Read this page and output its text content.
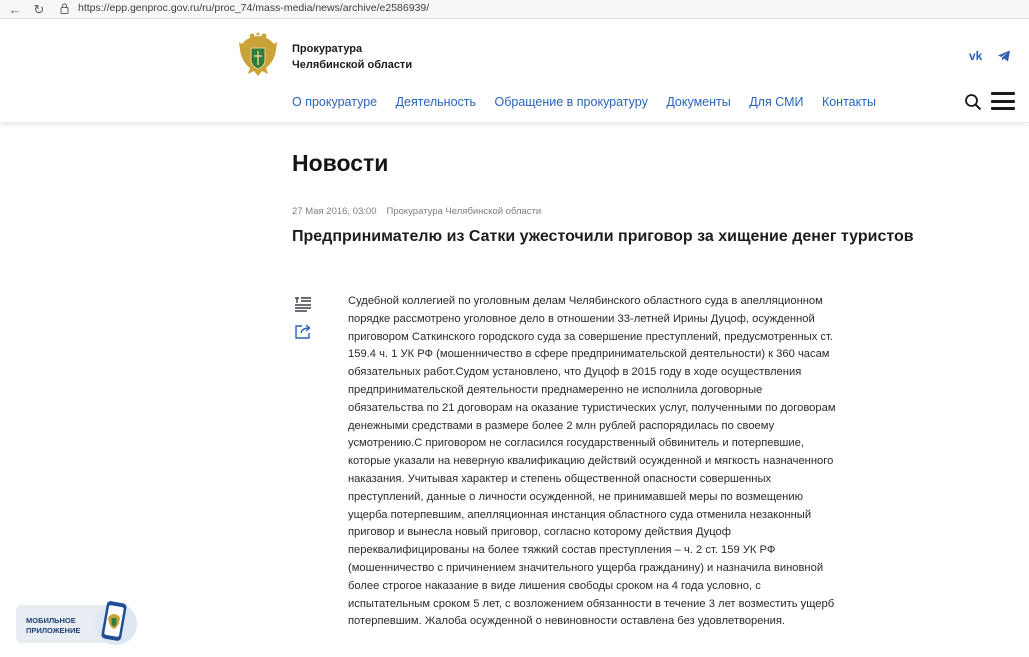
← ↻	https://epp.genproc.gov.ru/ru/proc_74/mass-media/news/archive/e2586939/
Прокуратура
Челябинской области
vk
О прокуратуре Деятельность Обращение в прокуратуру Документы Для СМИ Контакты
Новости
27 Мая 2016, 03:00 Прокуратура Челябинской области
Предпринимателю из Сатки ужесточили приговор за хищение денег туристов
Судебной коллегией по уголовным делам Челябинского областного суда в апелляционном
порядке рассмотрено уголовное дело в отношении 33-летней Ирины Дуцоф, осужденной
приговором Саткинского городского суда за совершение преступлений, предусмотренных ст.
159.4 ч. 1 УК РФ (мошенничество в сфере предпринимательской деятельности) к 360 часам
обязательных работ.Судом установлено, что Дуцоф в 2015 году в ходе осуществления
предпринимательской деятельности преднамеренно не исполнила договорные
обязательства по 21 договорам на оказание туристических услуг, полученными по договорам
денежными средствами в размере более 2 млн рублей распорядилась по своему
усмотрению.С приговором не согласился государственный обвинитель и потерпевшие,
которые указали на неверную квалификацию действий осужденной и мягкость назначенного
наказания. Учитывая характер и степень общественной опасности совершенных
преступлений, данные о личности осужденной, не принимавшей меры по возмещению
ущерба потерпевшим, апелляционная инстанция областного суда отменила незаконный
приговор и вынесла новый приговор, согласно которому действия Дуцоф
переквалифицированы на более тяжкий состав преступления – ч. 2 ст. 159 УК РФ
(мошенничество с причинением значительного ущерба гражданину) и назначила виновной
более строгое наказание в виде лишения свободы сроком на 4 года условно, с
испытательным сроком 5 лет, с возложением обязанности в течение 3 лет возместить ущерб
потерпевшим. Жалоба осужденной о невиновности оставлена без удовлетворения.
МОБИЛЬНОЕ
ПРИЛОЖЕНИЕ
